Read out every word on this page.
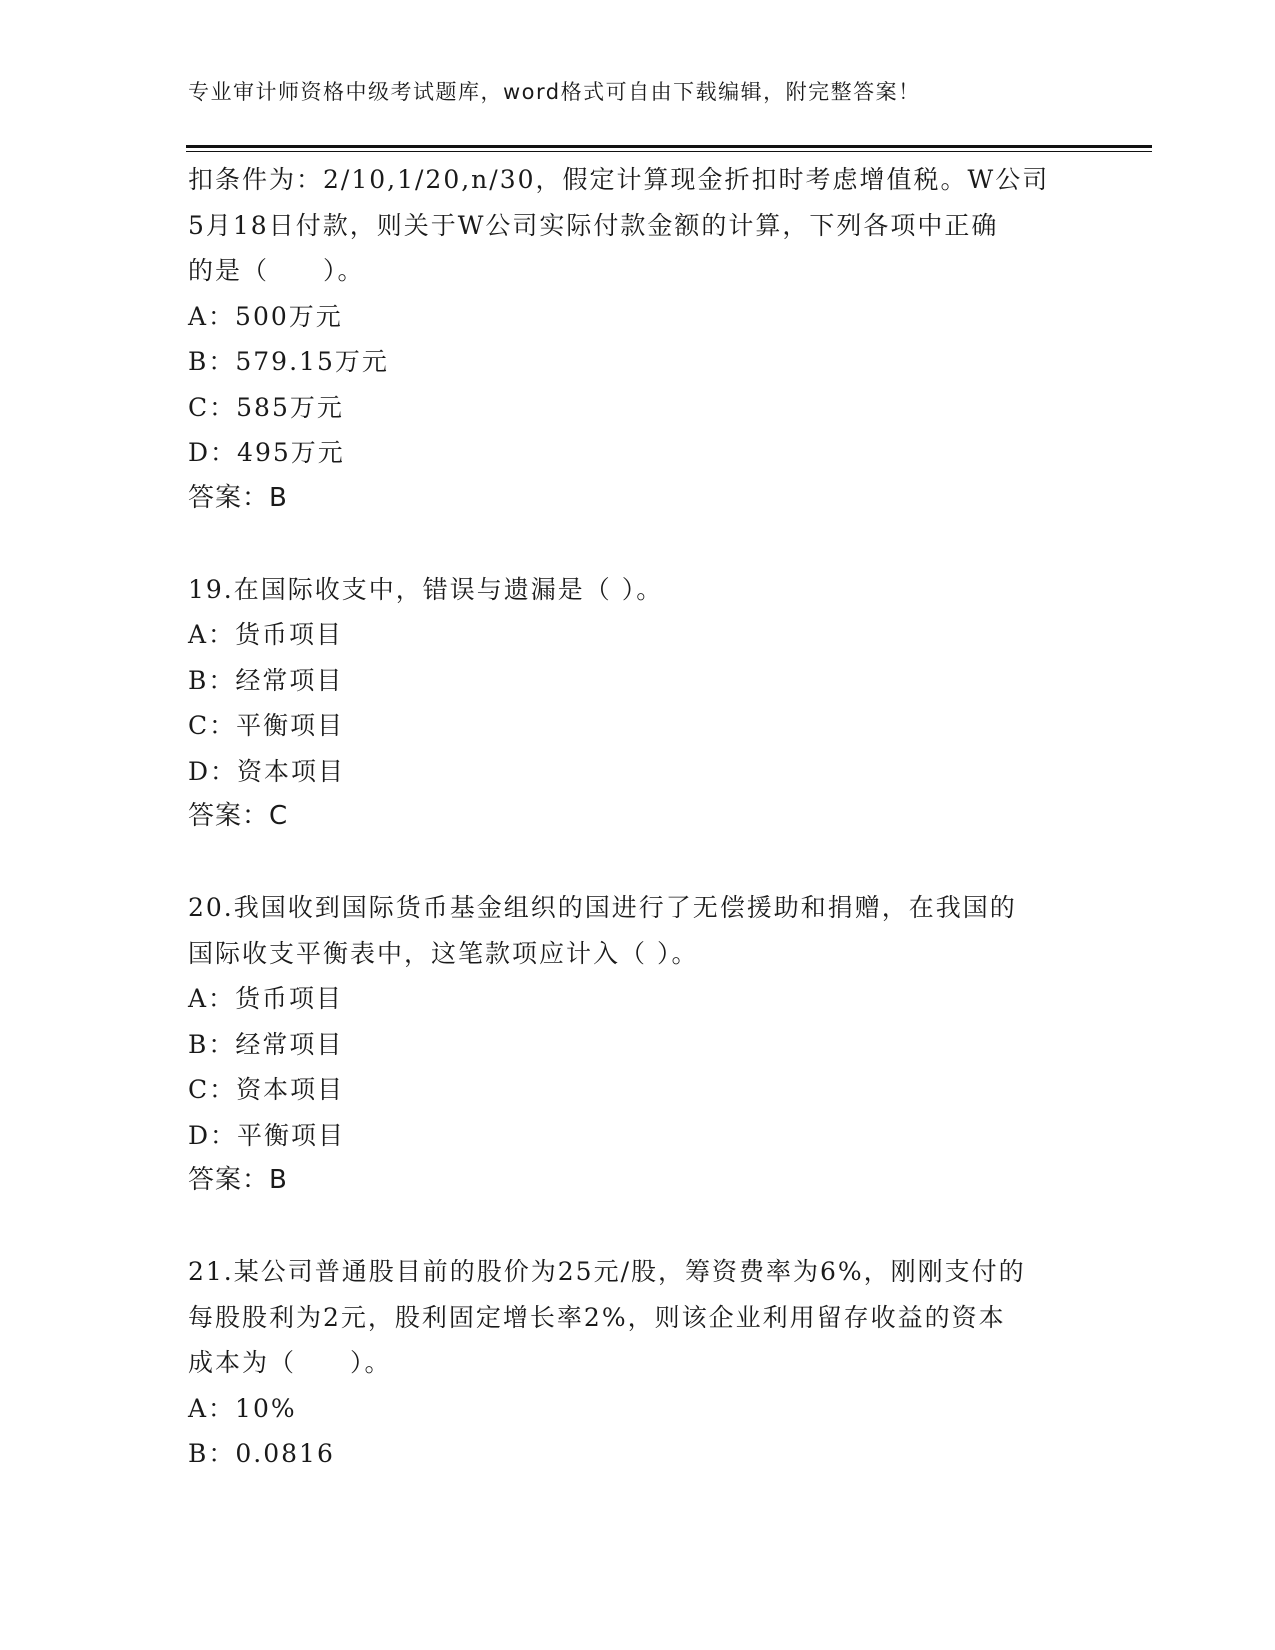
专业审计师资格中级考试题库，word格式可自由下载编辑，附完整答案！
扣条件为：2/10,1/20,n/30，假定计算现金折扣时考虑增值税。W公司
5月18日付款，则关于W公司实际付款金额的计算，下列各项中正确
的是（　　）。
A：500万元
B：579.15万元
C：585万元
D：495万元
答案：B
19.在国际收支中，错误与遗漏是（ ）。
A：货币项目
B：经常项目
C：平衡项目
D：资本项目
答案：C
20.我国收到国际货币基金组织的国进行了无偿援助和捐赠，在我国的
国际收支平衡表中，这笔款项应计入（ ）。
A：货币项目
B：经常项目
C：资本项目
D：平衡项目
答案：B
21.某公司普通股目前的股价为25元/股，筹资费率为6%，刚刚支付的
每股股利为2元，股利固定增长率2%，则该企业利用留存收益的资本
成本为（　　）。
A：10%
B：0.0816
